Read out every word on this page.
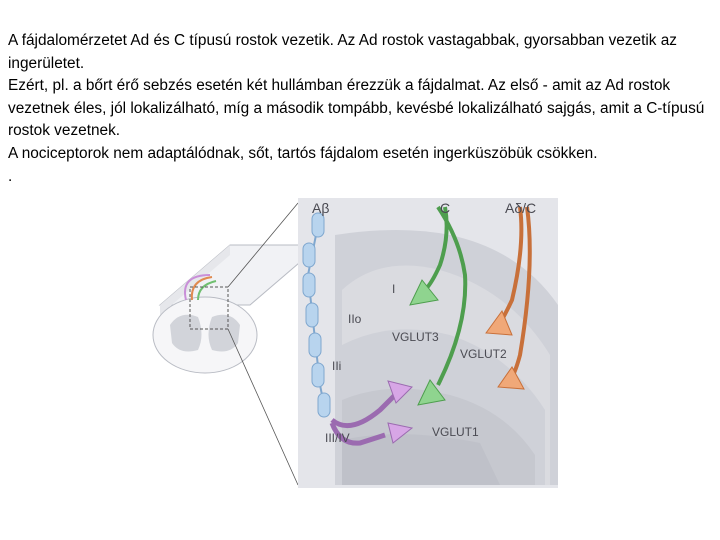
A fájdalomérzetet Ad és C típusú rostok vezetik. Az Ad rostok vastagabbak, gyorsabban vezetik az ingerületet.

Ezért, pl. a bőrt érő sebzés esetén két hullámban érezzük a fájdalmat. Az első - amit az Ad rostok vezetnek éles, jól lokalizálható, míg a második tompább, kevésbé lokalizálható sajgás, amit a C-típusú rostok vezetnek.

A nociceptorok nem adaptálódnak, sőt, tartós fájdalom esetén ingerküszöbük csökken.

.

Aβ	C	Aδ/C
I
IIo
IIi
III/IV
VGLUT3
VGLUT2
VGLUT1
